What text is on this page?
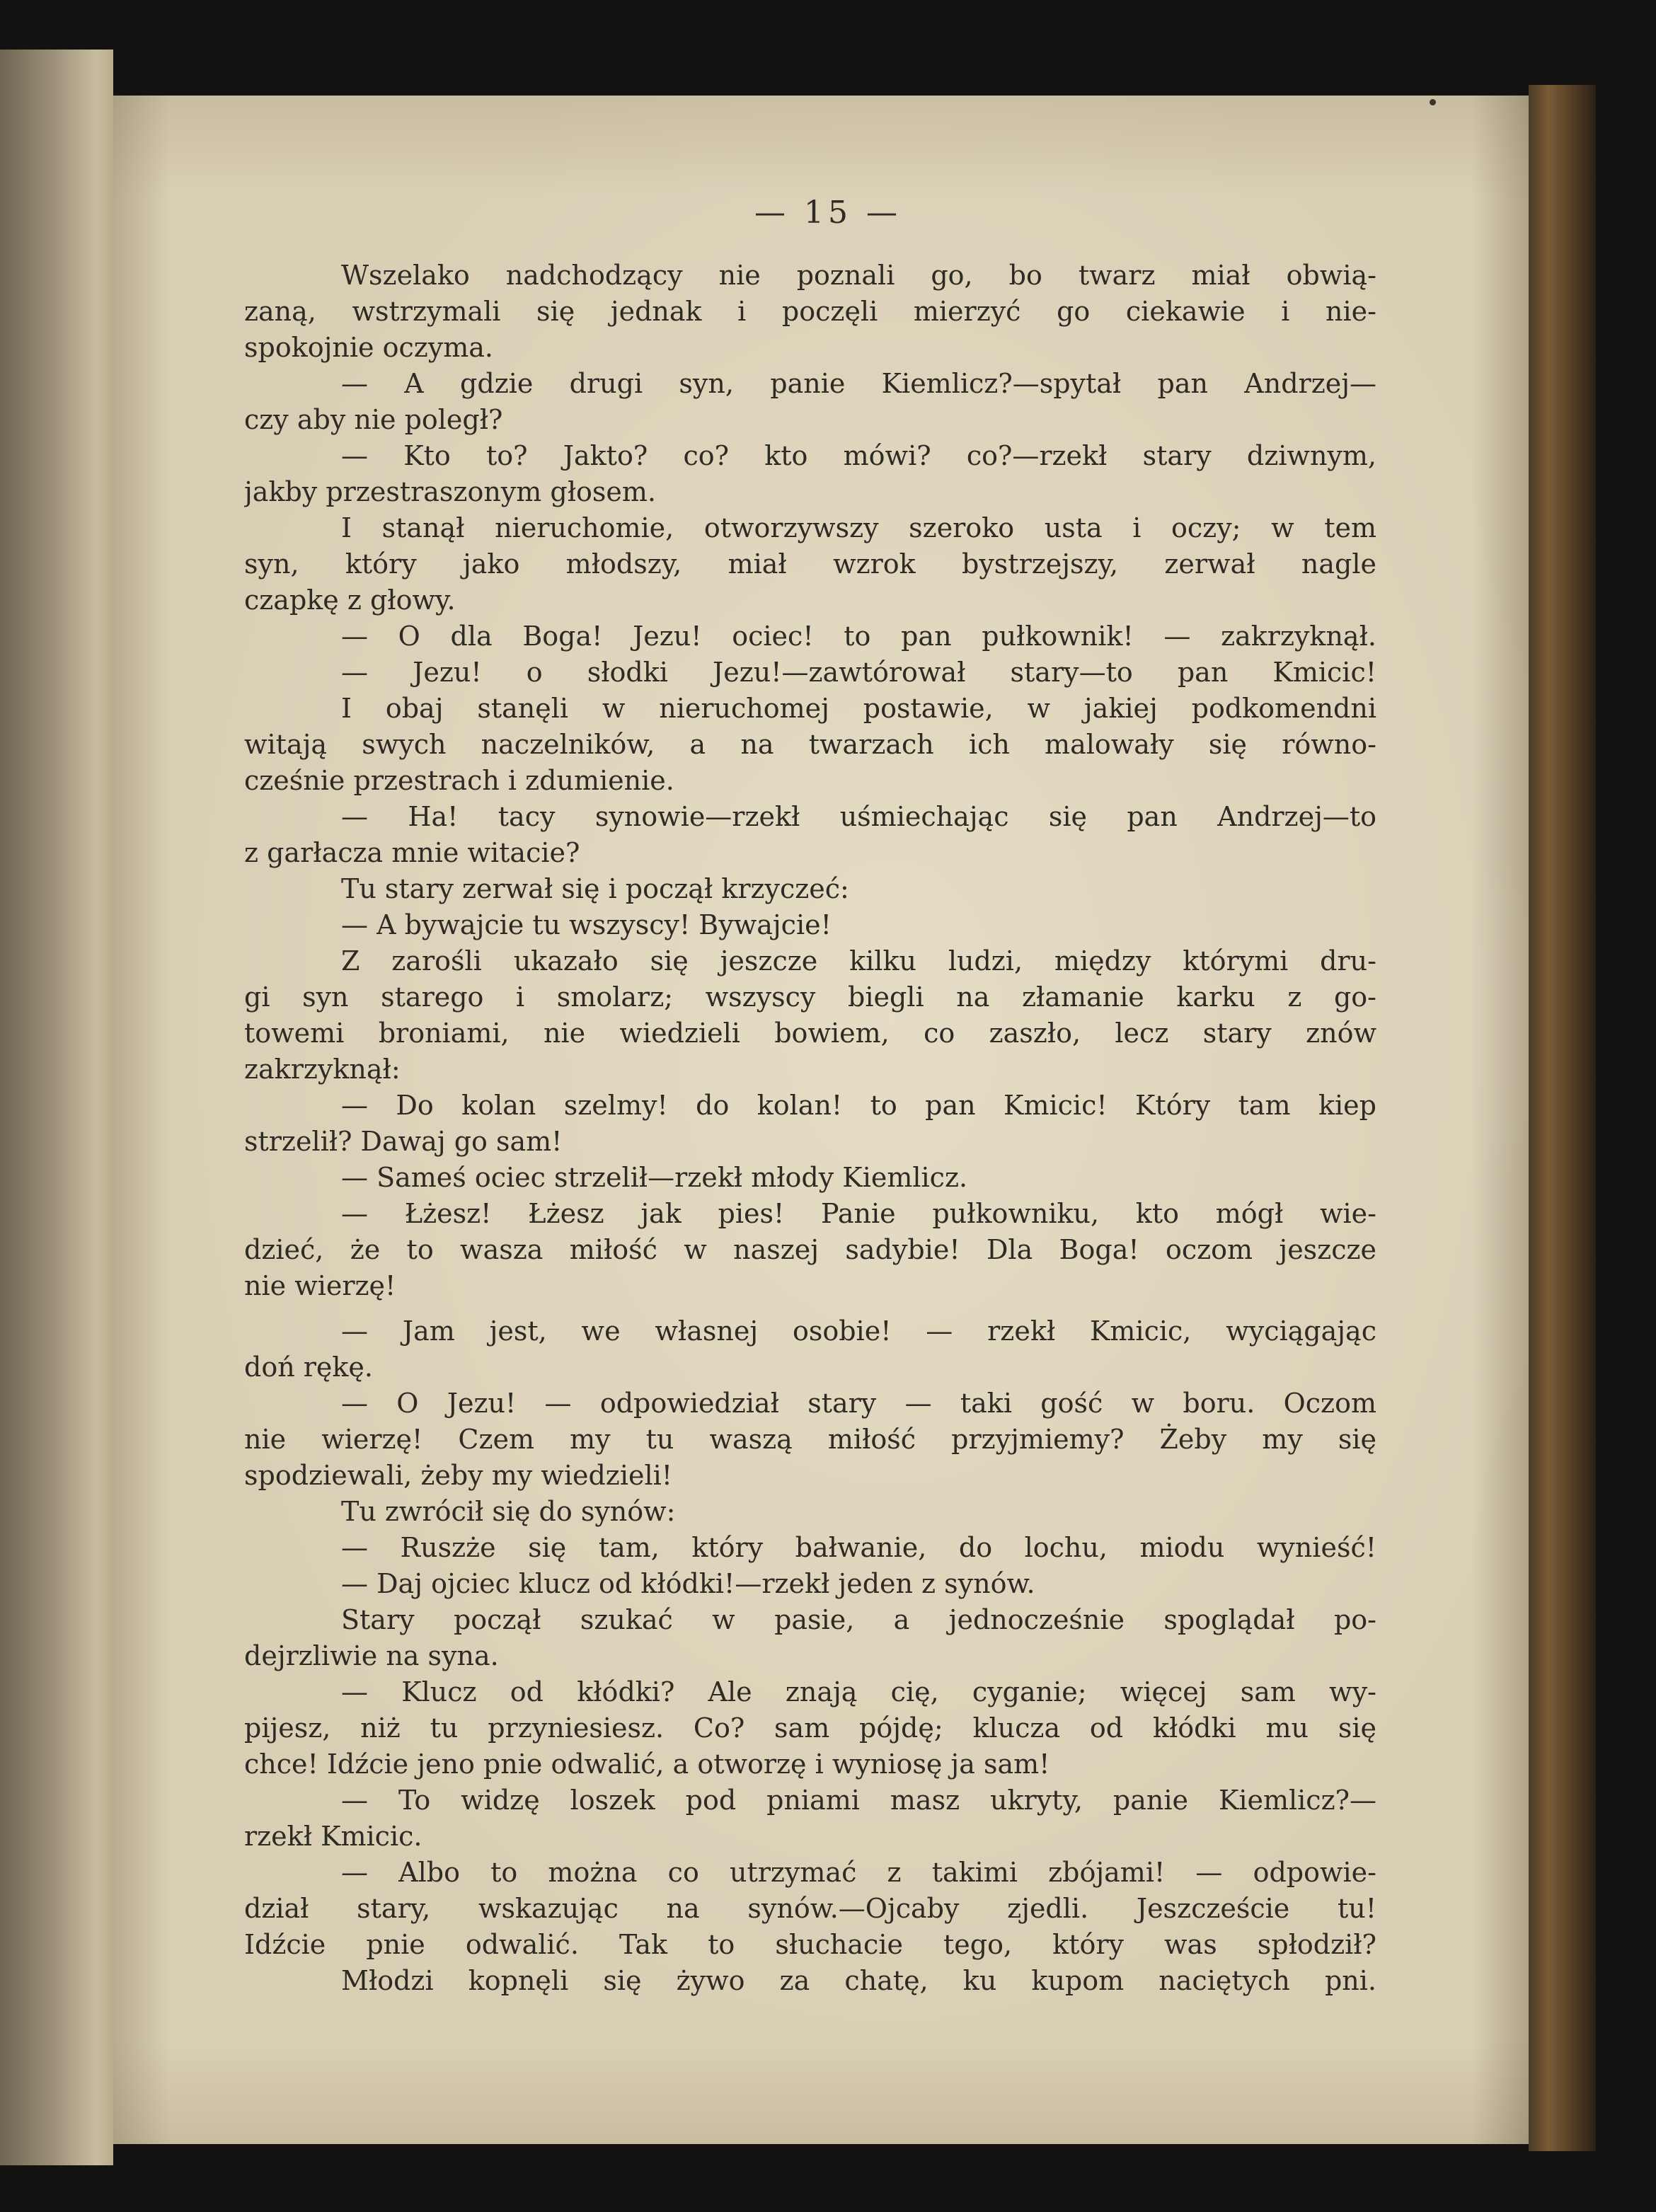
— 15 —
Wszelako nadchodzący nie poznali go, bo twarz miał obwią-
zaną, wstrzymali się jednak i poczęli mierzyć go ciekawie i nie-
spokojnie oczyma.
— A gdzie drugi syn, panie Kiemlicz?—spytał pan Andrzej—
czy aby nie poległ?
— Kto to? Jakto? co? kto mówi? co?—rzekł stary dziwnym,
jakby przestraszonym głosem.
I stanął nieruchomie, otworzywszy szeroko usta i oczy; w tem
syn, który jako młodszy, miał wzrok bystrzejszy, zerwał nagle
czapkę z głowy.
— O dla Boga! Jezu! ociec! to pan pułkownik! — zakrzyknął.
— Jezu! o słodki Jezu!—zawtórował stary—to pan Kmicic!
I obaj stanęli w nieruchomej postawie, w jakiej podkomendni
witają swych naczelników, a na twarzach ich malowały się równo-
cześnie przestrach i zdumienie.
— Ha! tacy synowie—rzekł uśmiechając się pan Andrzej—to
z garłacza mnie witacie?
Tu stary zerwał się i począł krzyczeć:
— A bywajcie tu wszyscy! Bywajcie!
Z zarośli ukazało się jeszcze kilku ludzi, między którymi dru-
gi syn starego i smolarz; wszyscy biegli na złamanie karku z go-
towemi broniami, nie wiedzieli bowiem, co zaszło, lecz stary znów
zakrzyknął:
— Do kolan szelmy! do kolan! to pan Kmicic! Który tam kiep
strzelił? Dawaj go sam!
— Sameś ociec strzelił—rzekł młody Kiemlicz.
— Łżesz! Łżesz jak pies! Panie pułkowniku, kto mógł wie-
dzieć, że to wasza miłość w naszej sadybie! Dla Boga! oczom jeszcze
nie wierzę!
— Jam jest, we własnej osobie! — rzekł Kmicic, wyciągając
doń rękę.
— O Jezu! — odpowiedział stary — taki gość w boru. Oczom
nie wierzę! Czem my tu waszą miłość przyjmiemy? Żeby my się
spodziewali, żeby my wiedzieli!
Tu zwrócił się do synów:
— Ruszże się tam, który bałwanie, do lochu, miodu wynieść!
— Daj ojciec klucz od kłódki!—rzekł jeden z synów.
Stary począł szukać w pasie, a jednocześnie spoglądał po-
dejrzliwie na syna.
— Klucz od kłódki? Ale znają cię, cyganie; więcej sam wy-
pijesz, niż tu przyniesiesz. Co? sam pójdę; klucza od kłódki mu się
chce! Idźcie jeno pnie odwalić, a otworzę i wyniosę ja sam!
— To widzę loszek pod pniami masz ukryty, panie Kiemlicz?—
rzekł Kmicic.
— Albo to można co utrzymać z takimi zbójami! — odpowie-
dział stary, wskazując na synów.—Ojcaby zjedli. Jeszczeście tu!
Idźcie pnie odwalić. Tak to słuchacie tego, który was spłodził?
Młodzi kopnęli się żywo za chatę, ku kupom naciętych pni.
